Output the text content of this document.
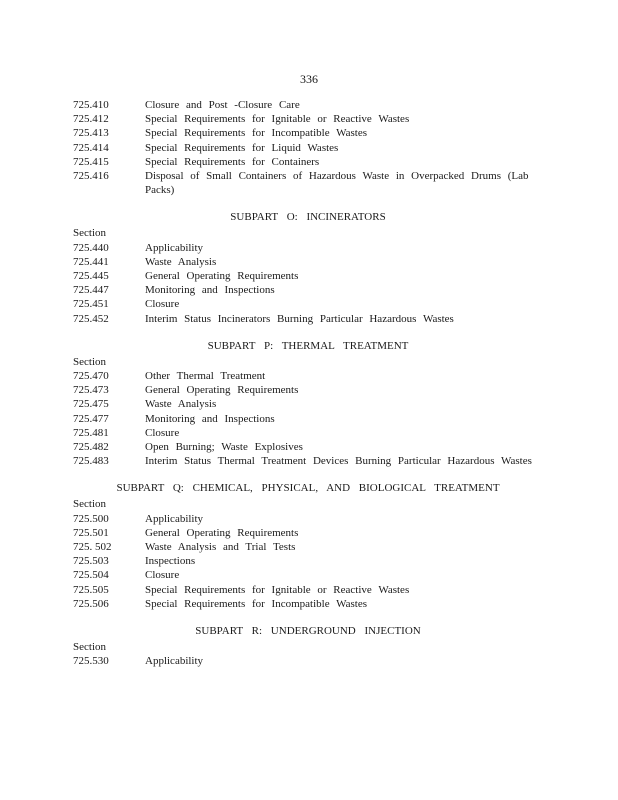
336
725.410	Closure and Post -Closure Care
725.412	Special Requirements for Ignitable or Reactive Wastes
725.413	Special Requirements for Incompatible Wastes
725.414	Special Requirements for Liquid Wastes
725.415	Special Requirements for Containers
725.416	Disposal of Small Containers of Hazardous Waste in Overpacked Drums (Lab Packs)
SUBPART O: INCINERATORS
Section
725.440	Applicability
725.441	Waste Analysis
725.445	General Operating Requirements
725.447	Monitoring and Inspections
725.451	Closure
725.452	Interim Status Incinerators Burning Particular Hazardous Wastes
SUBPART P: THERMAL TREATMENT
Section
725.470	Other Thermal Treatment
725.473	General Operating Requirements
725.475	Waste Analysis
725.477	Monitoring and Inspections
725.481	Closure
725.482	Open Burning; Waste Explosives
725.483	Interim Status Thermal Treatment Devices Burning Particular Hazardous Wastes
SUBPART Q: CHEMICAL, PHYSICAL, AND BIOLOGICAL TREATMENT
Section
725.500	Applicability
725.501	General Operating Requirements
725. 502	Waste Analysis and Trial Tests
725.503	Inspections
725.504	Closure
725.505	Special Requirements for Ignitable or Reactive Wastes
725.506	Special Requirements for Incompatible Wastes
SUBPART R: UNDERGROUND INJECTION
Section
725.530	Applicability
